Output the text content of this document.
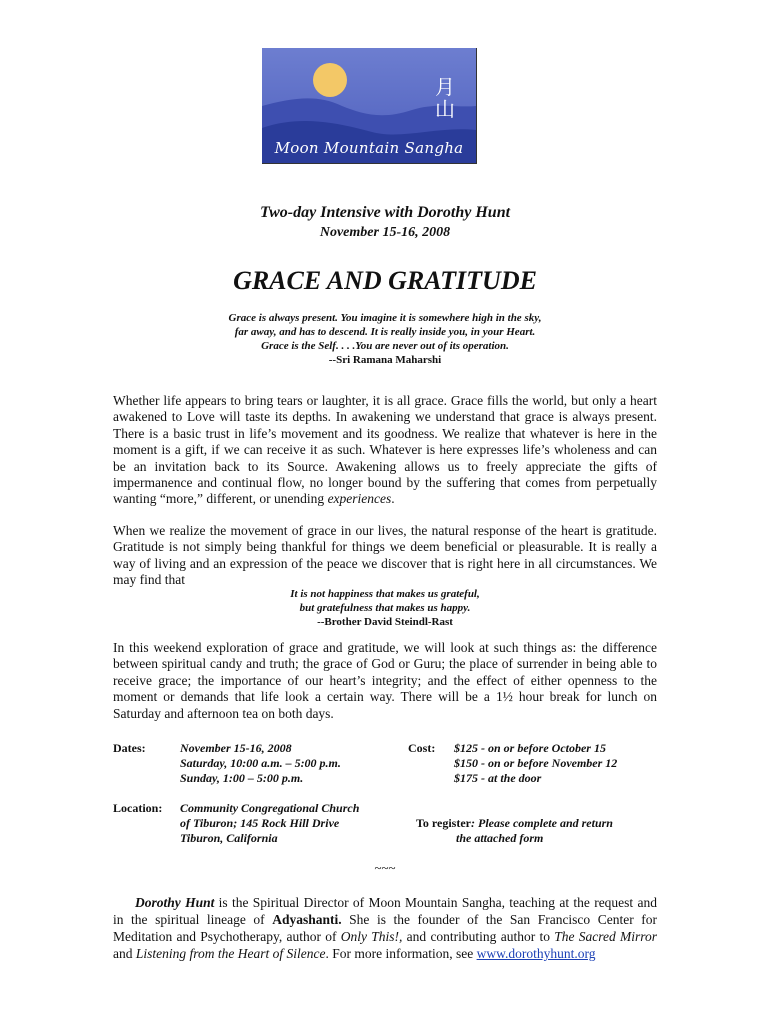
月
山
Moon Mountain Sangha
Two-day Intensive with Dorothy Hunt
November 15-16, 2008
GRACE AND GRATITUDE
Grace is always present. You imagine it is somewhere high in the sky,
far away, and has to descend. It is really inside you, in your Heart.
Grace is the Self. . . .You are never out of its operation.
--Sri Ramana Maharshi

Whether life appears to bring tears or laughter, it is all grace. Grace fills the world, but only a heart awakened to Love will taste its depths. In awakening we understand that grace is always present. There is a basic trust in life’s movement and its goodness. We realize that whatever is here in the moment is a gift, if we can receive it as such. Whatever is here expresses life’s wholeness and can be an invitation back to its Source. Awakening allows us to freely appreciate the gifts of impermanence and continual flow, no longer bound by the suffering that comes from perpetually wanting “more,” different, or unending experiences.

When we realize the movement of grace in our lives, the natural response of the heart is gratitude. Gratitude is not simply being thankful for things we deem beneficial or pleasurable. It is really a way of living and an expression of the peace we discover that is right here in all circumstances. We may find that

It is not happiness that makes us grateful,
but gratefulness that makes us happy.
--Brother David Steindl-Rast

In this weekend exploration of grace and gratitude, we will look at such things as: the difference between spiritual candy and truth; the grace of God or Guru; the place of surrender in being able to receive grace; the importance of our heart’s integrity; and the effect of either openness to the moment or demands that life look a certain way. There will be a 1½ hour break for lunch on Saturday and afternoon tea on both days.

Dates:	November 15-16, 2008
Saturday, 10:00 a.m. – 5:00 p.m.
Sunday, 1:00 – 5:00 p.m.
Cost: $125 - on or before October 15
$150 - on or before November 12
$175 - at the door
Location: Community Congregational Church
of Tiburon; 145 Rock Hill Drive
Tiburon, California
To register: Please complete and return
the attached form
~~~

Dorothy Hunt is the Spiritual Director of Moon Mountain Sangha, teaching at the request and in the spiritual lineage of Adyashanti. She is the founder of the San Francisco Center for Meditation and Psychotherapy, author of Only This!, and contributing author to The Sacred Mirror and Listening from the Heart of Silence. For more information, see www.dorothyhunt.org
